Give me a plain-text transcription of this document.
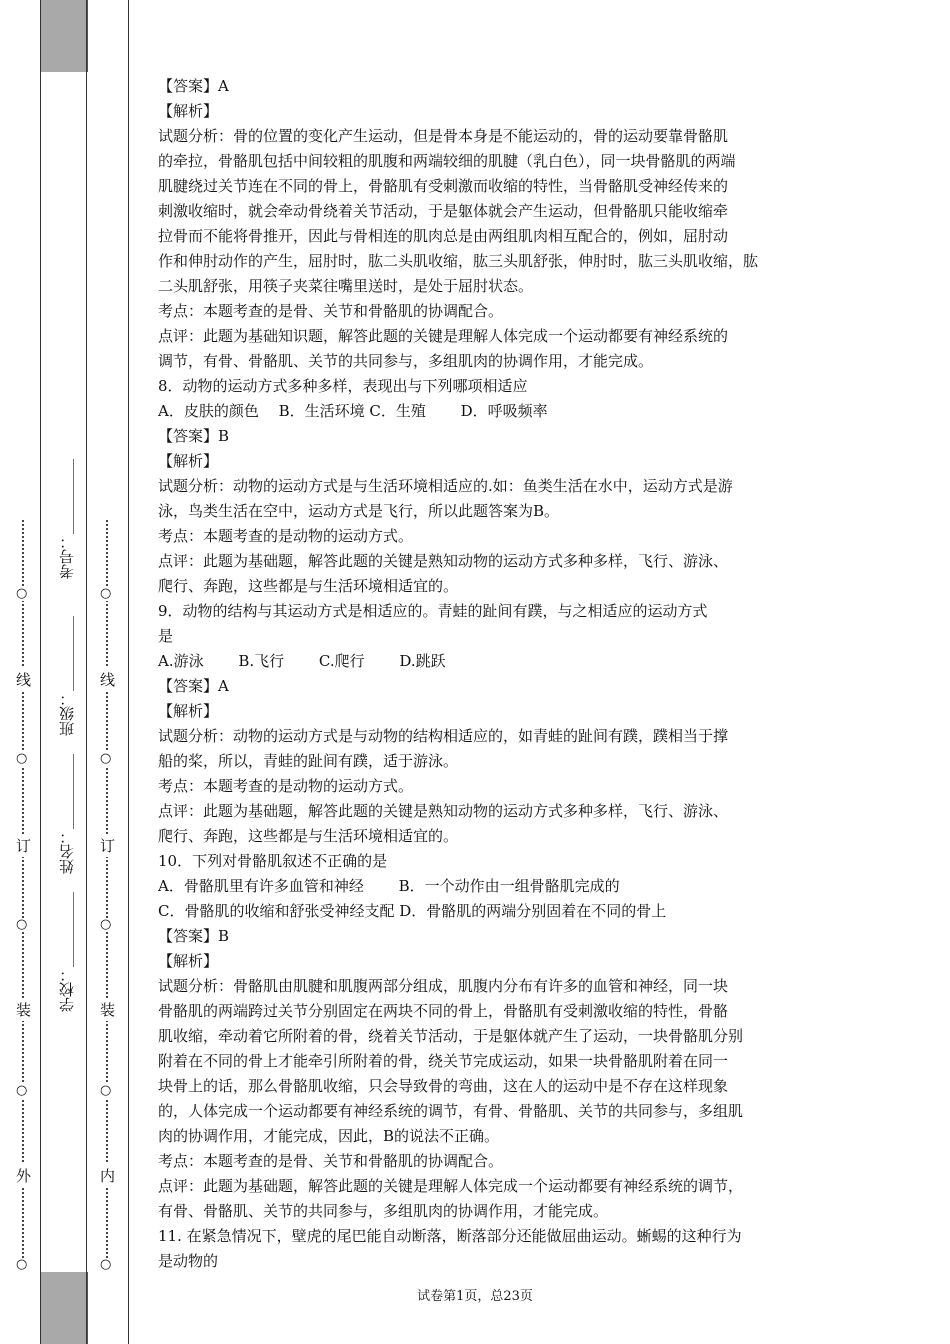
○
线
○
订
○
装
○
外
○
○
线
○
订
○
装
○
内
○
学校：＿＿＿＿＿
姓名：＿＿＿＿＿
班级：＿＿＿＿＿
考号：＿＿＿＿＿

【答案】A

【解析】

试题分析：骨的位置的变化产生运动，但是骨本身是不能运动的，骨的运动要靠骨骼肌

的牵拉，骨骼肌包括中间较粗的肌腹和两端较细的肌腱（乳白色），同一块骨骼肌的两端

肌腱绕过关节连在不同的骨上，骨骼肌有受刺激而收缩的特性，当骨骼肌受神经传来的

刺激收缩时，就会牵动骨绕着关节活动，于是躯体就会产生运动，但骨骼肌只能收缩牵

拉骨而不能将骨推开，因此与骨相连的肌肉总是由两组肌肉相互配合的，例如，屈肘动

作和伸肘动作的产生，屈肘时，肱二头肌收缩，肱三头肌舒张，伸肘时，肱三头肌收缩，肱

二头肌舒张，用筷子夹菜往嘴里送时，是处于屈肘状态。

考点：本题考查的是骨、关节和骨骼肌的协调配合。

点评：此题为基础知识题，解答此题的关键是理解人体完成一个运动都要有神经系统的

调节，有骨、骨骼肌、关节的共同参与，多组肌肉的协调作用，才能完成。

8．动物的运动方式多种多样，表现出与下列哪项相适应

A．皮肤的颜色　 B．生活环境 C．生殖　　 D．呼吸频率

【答案】B

【解析】

试题分析：动物的运动方式是与生活环境相适应的.如：鱼类生活在水中，运动方式是游

泳，鸟类生活在空中，运动方式是飞行，所以此题答案为B。

考点：本题考查的是动物的运动方式。

点评：此题为基础题，解答此题的关键是熟知动物的运动方式多种多样，飞行、游泳、

爬行、奔跑，这些都是与生活环境相适宜的。

9．动物的结构与其运动方式是相适应的。青蛙的趾间有蹼，与之相适应的运动方式

是

A.游泳　　 B.飞行　　 C.爬行　　 D.跳跃

【答案】A

【解析】

试题分析：动物的运动方式是与动物的结构相适应的，如青蛙的趾间有蹼，蹼相当于撑

船的桨，所以，青蛙的趾间有蹼，适于游泳。

考点：本题考查的是动物的运动方式。

点评：此题为基础题，解答此题的关键是熟知动物的运动方式多种多样，飞行、游泳、

爬行、奔跑，这些都是与生活环境相适宜的。

10．下列对骨骼肌叙述不正确的是

A．骨骼肌里有许多血管和神经　　 B．一个动作由一组骨骼肌完成的

C．骨骼肌的收缩和舒张受神经支配 D．骨骼肌的两端分别固着在不同的骨上

【答案】B

【解析】

试题分析：骨骼肌由肌腱和肌腹两部分组成，肌腹内分布有许多的血管和神经，同一块

骨骼肌的两端跨过关节分别固定在两块不同的骨上，骨骼肌有受刺激收缩的特性，骨骼

肌收缩，牵动着它所附着的骨，绕着关节活动，于是躯体就产生了运动，一块骨骼肌分别

附着在不同的骨上才能牵引所附着的骨，绕关节完成运动，如果一块骨骼肌附着在同一

块骨上的话，那么骨骼肌收缩，只会导致骨的弯曲，这在人的运动中是不存在这样现象

的，人体完成一个运动都要有神经系统的调节，有骨、骨骼肌、关节的共同参与，多组肌

肉的协调作用，才能完成，因此，B的说法不正确。

考点：本题考查的是骨、关节和骨骼肌的协调配合。

点评：此题为基础题，解答此题的关键是理解人体完成一个运动都要有神经系统的调节，

有骨、骨骼肌、关节的共同参与，多组肌肉的协调作用，才能完成。

11. 在紧急情况下，壁虎的尾巴能自动断落，断落部分还能做屈曲运动。蜥蜴的这种行为

是动物的

试卷第1页，总23页
